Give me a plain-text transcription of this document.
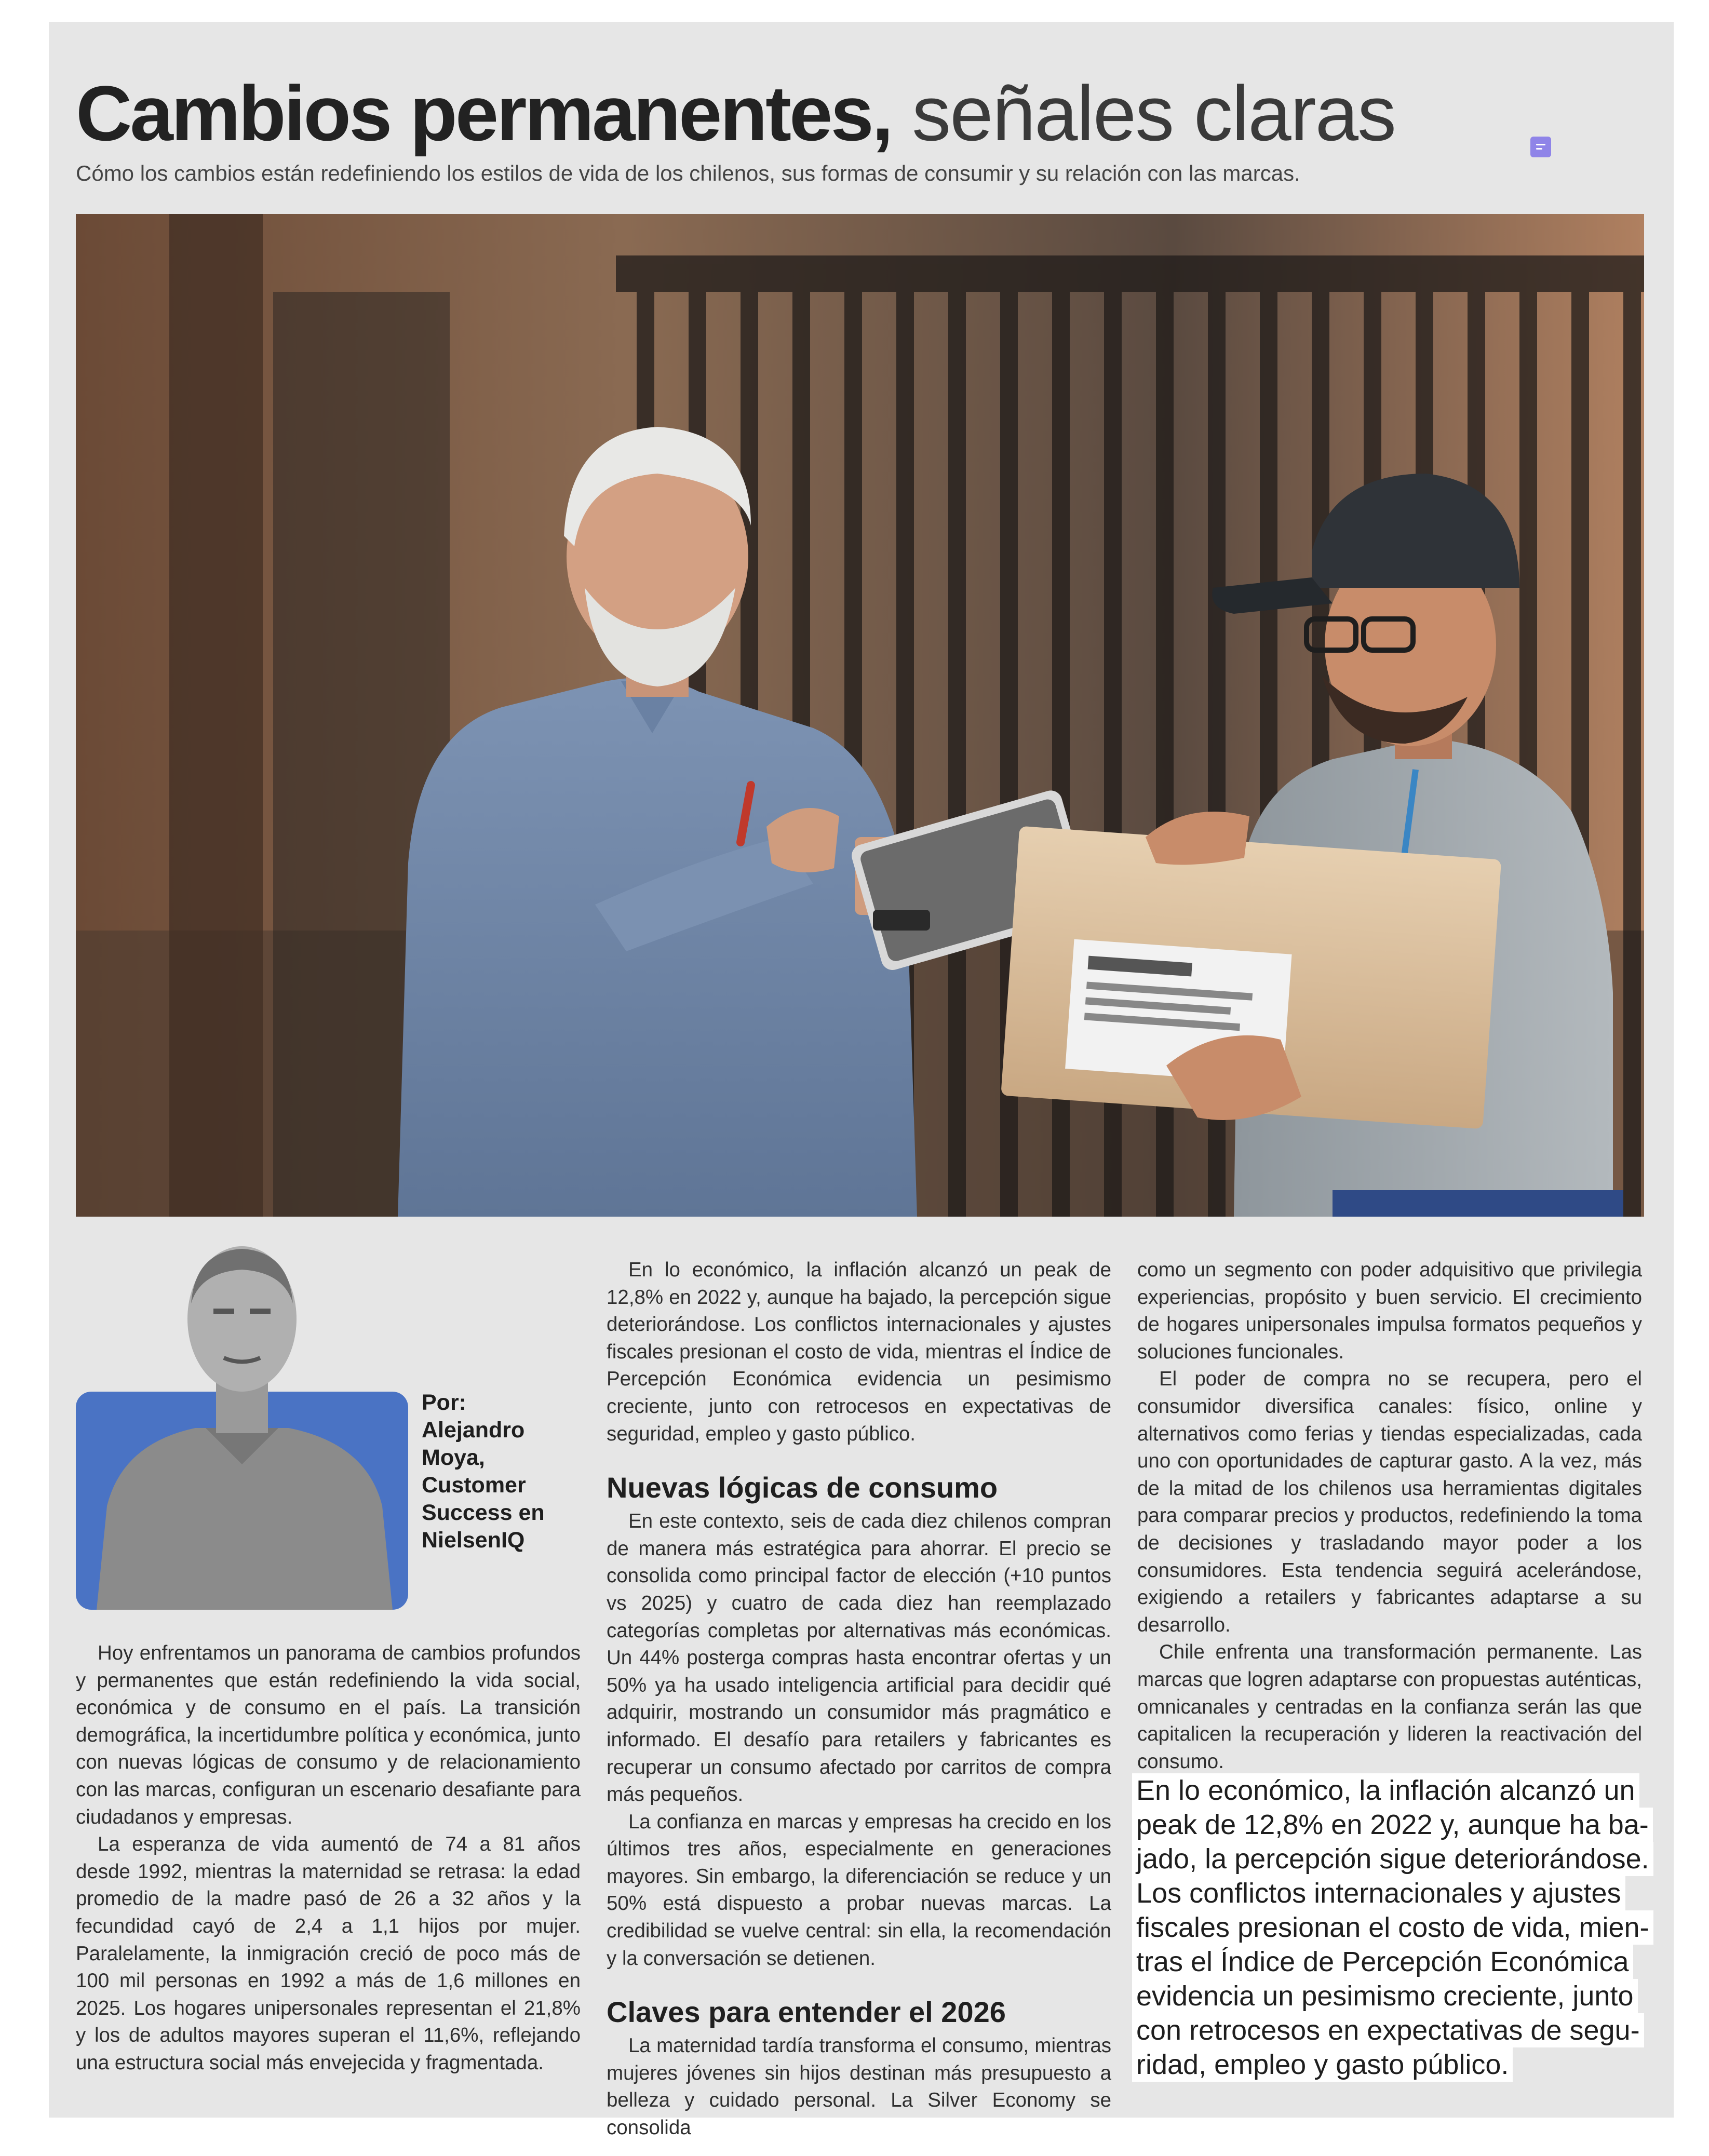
Cambios permanentes, señales claras
Cómo los cambios están redefiniendo los estilos de vida de los chilenos, sus formas de consumir y su relación con las marcas.
Por:
Alejandro
Moya,
Customer
Success en
NielsenIQ

Hoy enfrentamos un panorama de cambios profundos y permanentes que están redefiniendo la vida social, económica y de consumo en el país. La transición demográfica, la incertidumbre política y económica, junto con nuevas lógicas de consumo y de relacionamiento con las marcas, configuran un escenario desafiante para ciudadanos y empresas.

La esperanza de vida aumentó de 74 a 81 años desde 1992, mientras la maternidad se retrasa: la edad promedio de la madre pasó de 26 a 32 años y la fecundidad cayó de 2,4 a 1,1 hijos por mujer. Paralelamente, la inmigración creció de poco más de 100 mil personas en 1992 a más de 1,6 millones en 2025. Los hogares unipersonales representan el 21,8% y los de adultos mayores superan el 11,6%, reflejando una estructura social más envejecida y fragmentada.

En lo económico, la inflación alcanzó un peak de 12,8% en 2022 y, aunque ha bajado, la percepción sigue deteriorándose. Los conflictos internacionales y ajustes fiscales presionan el costo de vida, mientras el Índice de Percepción Económica evidencia un pesimismo creciente, junto con retrocesos en expectativas de seguridad, empleo y gasto público.

Nuevas lógicas de consumo

En este contexto, seis de cada diez chilenos compran de manera más estratégica para ahorrar. El precio se consolida como principal factor de elección (+10 puntos vs 2025) y cuatro de cada diez han reemplazado categorías completas por alternativas más económicas. Un 44% posterga compras hasta encontrar ofertas y un 50% ya ha usado inteligencia artificial para decidir qué adquirir, mostrando un consumidor más pragmático e informado. El desafío para retailers y fabricantes es recuperar un consumo afectado por carritos de compra más pequeños.

La confianza en marcas y empresas ha crecido en los últimos tres años, especialmente en generaciones mayores. Sin embargo, la diferenciación se reduce y un 50% está dispuesto a probar nuevas marcas. La credibilidad se vuelve central: sin ella, la recomendación y la conversación se detienen.

Claves para entender el 2026

La maternidad tardía transforma el consumo, mientras mujeres jóvenes sin hijos destinan más presupuesto a belleza y cuidado personal. La Silver Economy se consolida

como un segmento con poder adquisitivo que privilegia experiencias, propósito y buen servicio. El crecimiento de hogares unipersonales impulsa formatos pequeños y soluciones funcionales.

El poder de compra no se recupera, pero el consumidor diversifica canales: físico, online y alternativos como ferias y tiendas especializadas, cada uno con oportunidades de capturar gasto. A la vez, más de la mitad de los chilenos usa herramientas digitales para comparar precios y productos, redefiniendo la toma de decisiones y trasladando mayor poder a los consumidores. Esta tendencia seguirá acelerándose, exigiendo a retailers y fabricantes adaptarse a su desarrollo.

Chile enfrenta una transformación permanente. Las marcas que logren adaptarse con propuestas auténticas, omnicanales y centradas en la confianza serán las que capitalicen la recuperación y lideren la reactivación del consumo.

En lo económico, la inflación alcanzó un
peak de 12,8% en 2022 y, aunque ha ba-
jado, la percepción sigue deteriorándose.
Los conflictos internacionales y ajustes
fiscales presionan el costo de vida, mien-
tras el Índice de Percepción Económica
evidencia un pesimismo creciente, junto
con retrocesos en expectativas de segu-
ridad, empleo y gasto público.
